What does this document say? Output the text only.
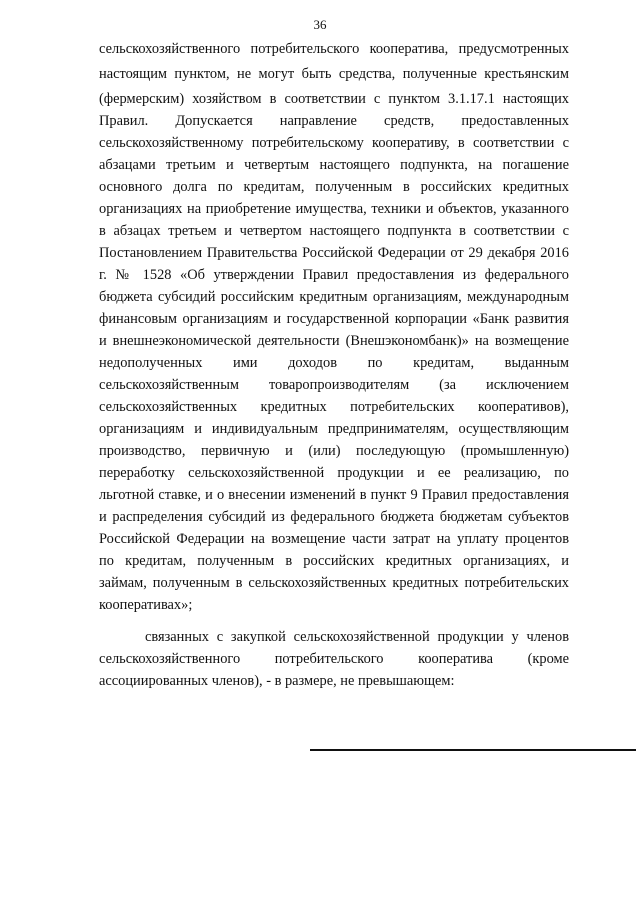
36
сельскохозяйственного потребительского кооператива, предусмотренных
настоящим пунктом, не могут быть средства, полученные крестьянским
(фермерским) хозяйством в соответствии с пунктом 3.1.17.1 настоящих
Правил. Допускается направление средств, предоставленных
сельскохозяйственному потребительскому кооперативу, в соответствии с
абзацами третьим и четвертым настоящего подпункта, на погашение
основного долга по кредитам, полученным в российских кредитных
организациях на приобретение имущества, техники и объектов, указанного
в абзацах третьем и четвертом настоящего подпункта в соответствии с
Постановлением Правительства Российской Федерации от 29 декабря 2016
г. № 1528 «Об утверждении Правил предоставления из федерального
бюджета субсидий российским кредитным организациям, международным
финансовым организациям и государственной корпорации «Банк развития
и внешнеэкономической деятельности (Внешэкономбанк)» на возмещение
недополученных ими доходов по кредитам, выданным
сельскохозяйственным товаропроизводителям (за исключением
сельскохозяйственных кредитных потребительских кооперативов),
организациям и индивидуальным предпринимателям, осуществляющим
производство, первичную и (или) последующую (промышленную)
переработку сельскохозяйственной продукции и ее реализацию, по
льготной ставке, и о внесении изменений в пункт 9 Правил предоставления
и распределения субсидий из федерального бюджета бюджетам субъектов
Российской Федерации на возмещение части затрат на уплату процентов
по кредитам, полученным в российских кредитных организациях, и
займам, полученным в сельскохозяйственных кредитных потребительских
кооперативах»;
связанных с закупкой сельскохозяйственной продукции у членов
сельскохозяйственного потребительского кооператива (кроме
ассоциированных членов), - в размере, не превышающем:
